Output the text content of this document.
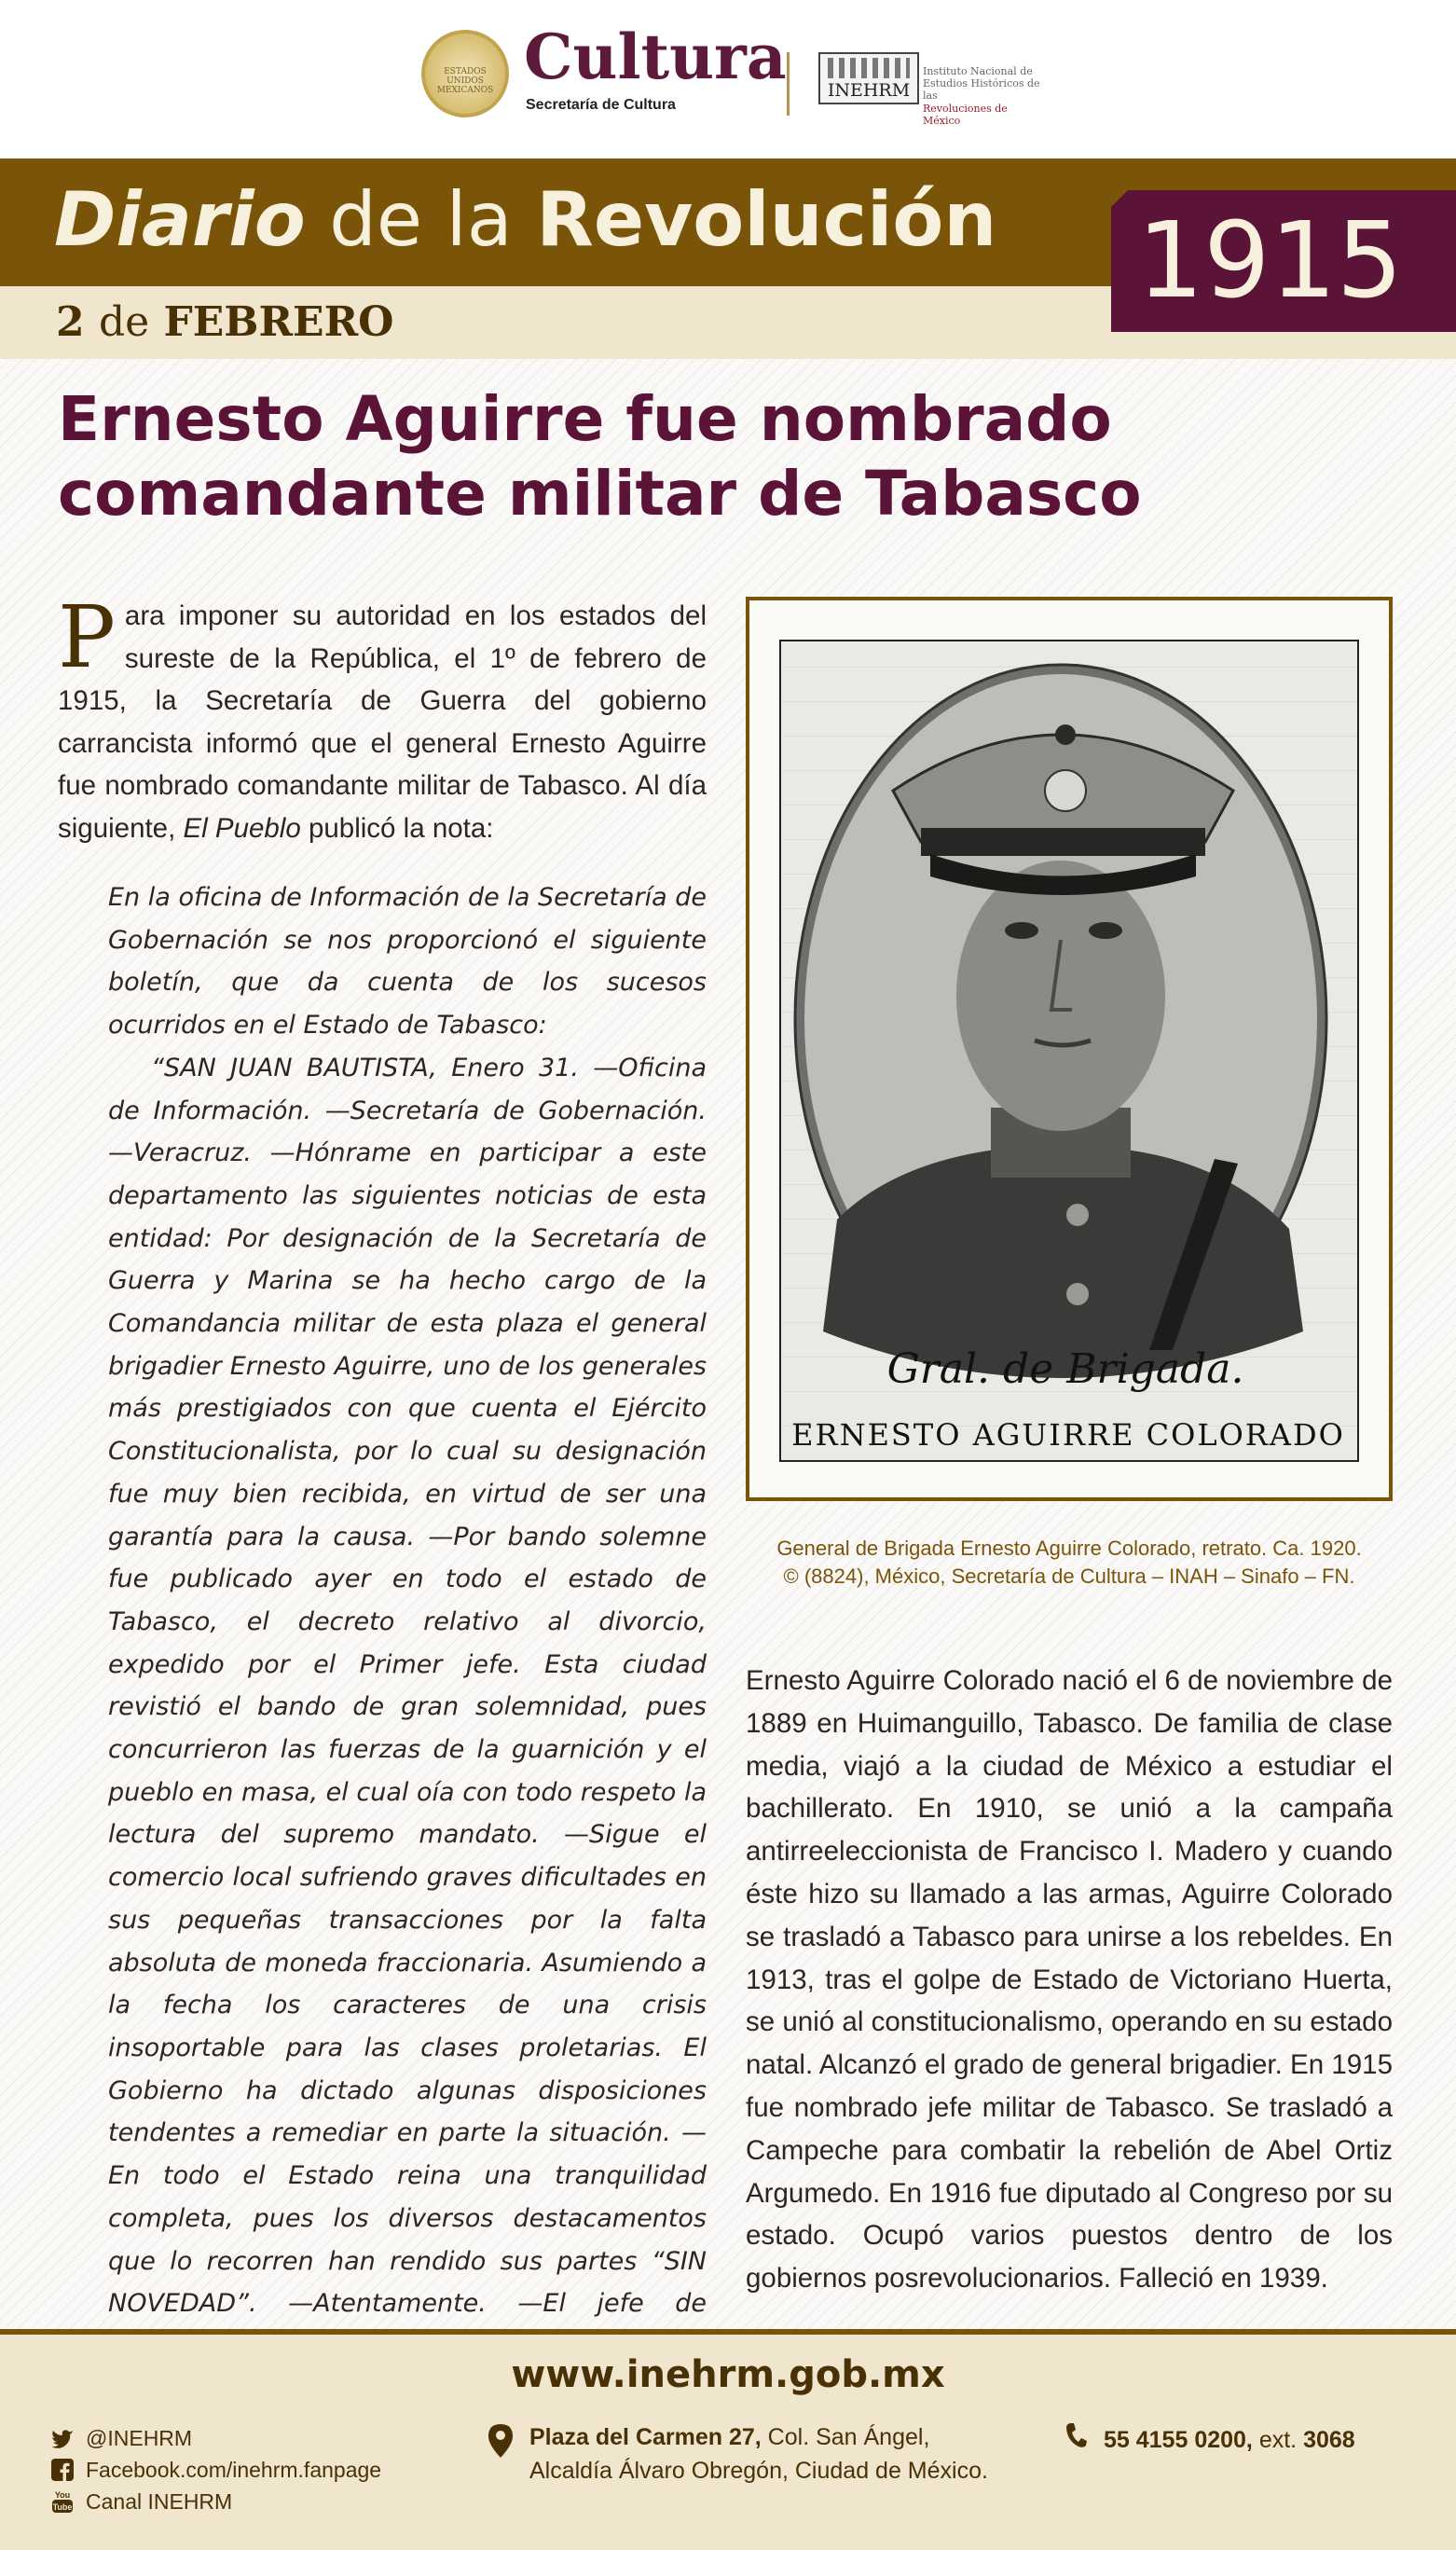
ESTADOS UNIDOS MEXICANOS Cultura
Secretaría de Cultura
INEHRM
Instituto Nacional de
Estudios Históricos de las
Revoluciones de México
Diario de la Revolución
2 de FEBRERO
1915
Ernesto Aguirre fue nombrado
comandante militar de Tabasco
Para imponer su autoridad en los estados del sureste de la República, el 1º de febrero de 1915, la Secretaría de Guerra del gobierno carrancista informó que el general Ernesto Aguirre fue nombrado comandante militar de Tabasco. Al día siguiente, El Pueblo publicó la nota:

En la oficina de Información de la Secretaría de Gobernación se nos proporcionó el siguiente boletín, que da cuenta de los sucesos ocurridos en el Estado de Tabasco:

“SAN JUAN BAUTISTA, Enero 31. —Oficina de Información. —Secretaría de Gobernación. —Veracruz. —Hónrame en participar a este departamento las siguientes noticias de esta entidad: Por designación de la Secretaría de Guerra y Marina se ha hecho cargo de la Comandancia militar de esta plaza el general brigadier Ernesto Aguirre, uno de los generales más prestigiados con que cuenta el Ejército Constitucionalista, por lo cual su designación fue muy bien recibida, en virtud de ser una garantía para la causa. —Por bando solemne fue publicado ayer en todo el estado de Tabasco, el decreto relativo al divorcio, expedido por el Primer jefe. Esta ciudad revistió el bando de gran solemnidad, pues concurrieron las fuerzas de la guarnición y el pueblo en masa, el cual oía con todo respeto la lectura del supremo mandato. —Sigue el comercio local sufriendo graves dificultades en sus pequeñas transacciones por la falta absoluta de moneda fraccionaria. Asumiendo a la fecha los caracteres de una crisis insoportable para las clases proletarias. El Gobierno ha dictado algunas disposiciones tendentes a remediar en parte la situación. —En todo el Estado reina una tranquilidad completa, pues los diversos destacamentos que lo recorren han rendido sus partes “SIN NOVEDAD”. —Atentamente. —El jefe de

Gral. de Brigada.
ERNESTO AGUIRRE COLORADO
General de Brigada Ernesto Aguirre Colorado, retrato. Ca. 1920.
© (8824), México, Secretaría de Cultura – INAH – Sinafo – FN.
Ernesto Aguirre Colorado nació el 6 de noviembre de 1889 en Huimanguillo, Tabasco. De familia de clase media, viajó a la ciudad de México a estudiar el bachillerato. En 1910, se unió a la campaña antirreeleccionista de Francisco I. Madero y cuando éste hizo su llamado a las armas, Aguirre Colorado se trasladó a Tabasco para unirse a los rebeldes. En 1913, tras el golpe de Estado de Victoriano Huerta, se unió al constitucionalismo, operando en su estado natal. Alcanzó el grado de general brigadier. En 1915 fue nombrado jefe militar de Tabasco. Se trasladó a Campeche para combatir la rebelión de Abel Ortiz Argumedo. En 1916 fue diputado al Congreso por su estado. Ocupó varios puestos dentro de los gobiernos posrevolucionarios. Falleció en 1939.
www.inehrm.gob.mx
@INEHRM
Facebook.com/inehrm.fanpage
You
Tube Canal INEHRM
Plaza del Carmen 27, Col. San Ángel,
Alcaldía Álvaro Obregón, Ciudad de México.
55 4155 0200, ext. 3068
